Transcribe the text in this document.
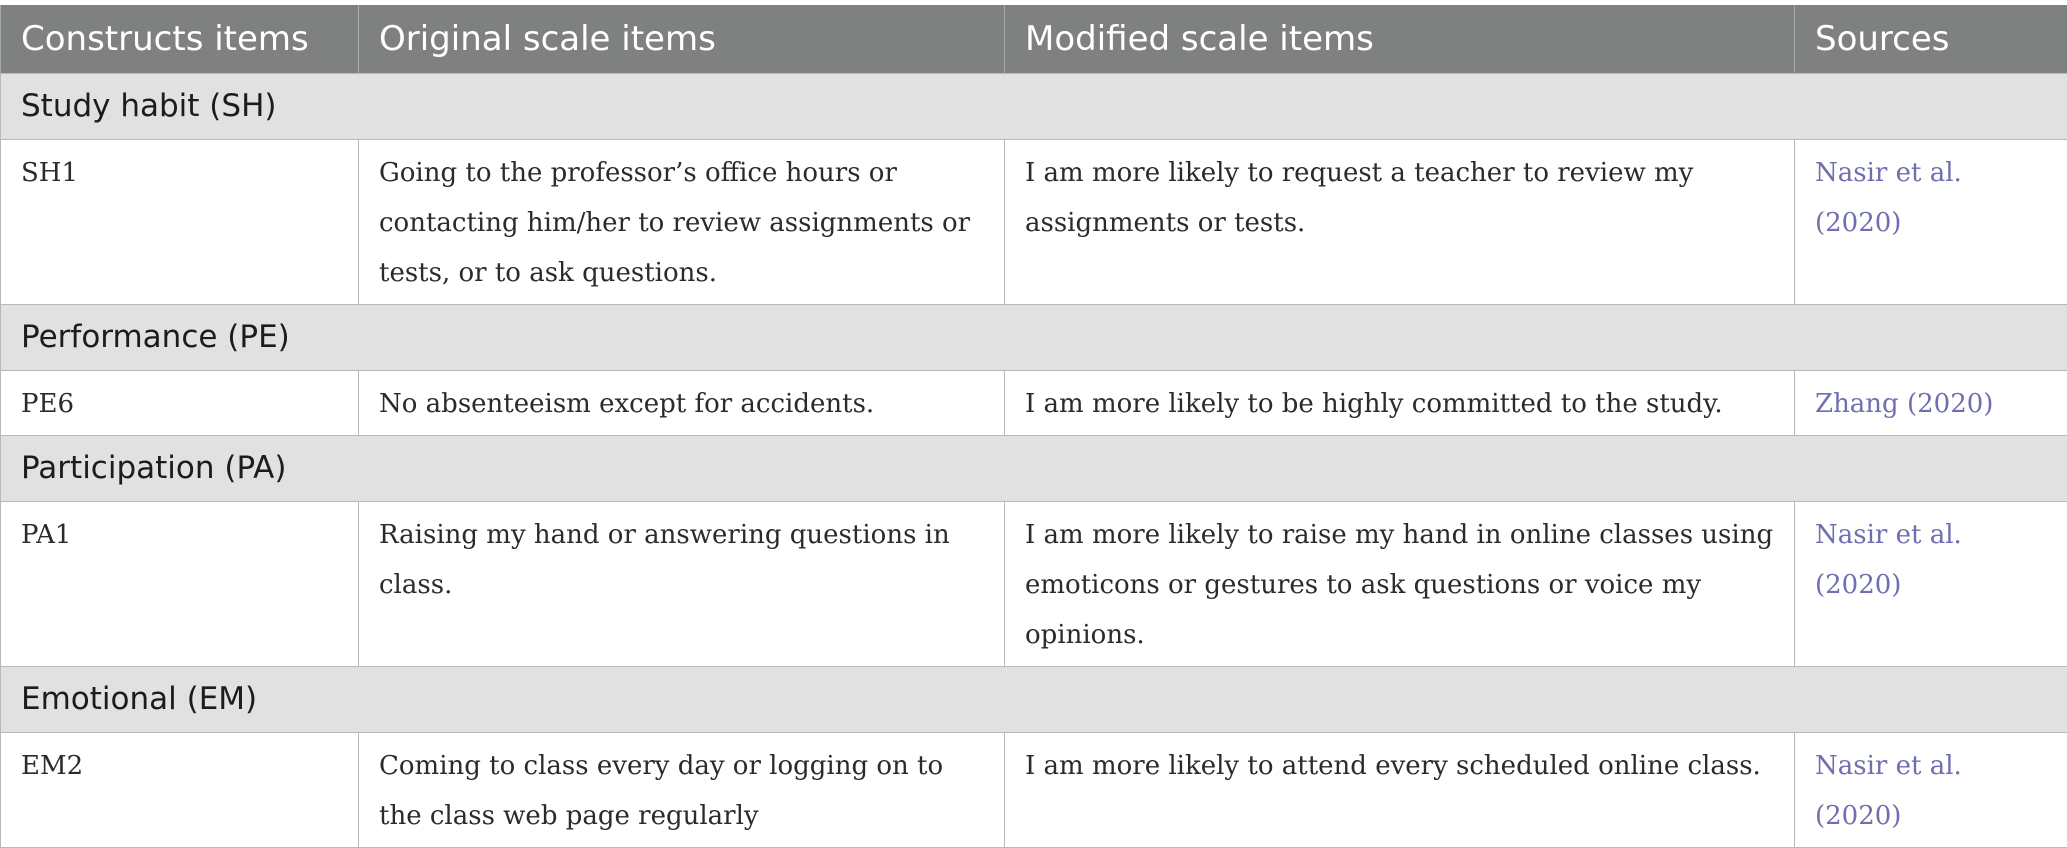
Constructs items	Original scale items	Modified scale items	Sources
Study habit (SH)			
SH1	Going to the professor’s office hours or contacting him/her to review assignments or tests, or to ask questions.	I am more likely to request a teacher to review my assignments or tests.	Nasir et al. (2020)
Performance (PE)			
PE6	No absenteeism except for accidents.	I am more likely to be highly committed to the study.	Zhang (2020)
Participation (PA)			
PA1	Raising my hand or answering questions in class.	I am more likely to raise my hand in online classes using emoticons or gestures to ask questions or voice my opinions.	Nasir et al. (2020)
Emotional (EM)			
EM2	Coming to class every day or logging on to the class web page regularly	I am more likely to attend every scheduled online class.	Nasir et al. (2020)
